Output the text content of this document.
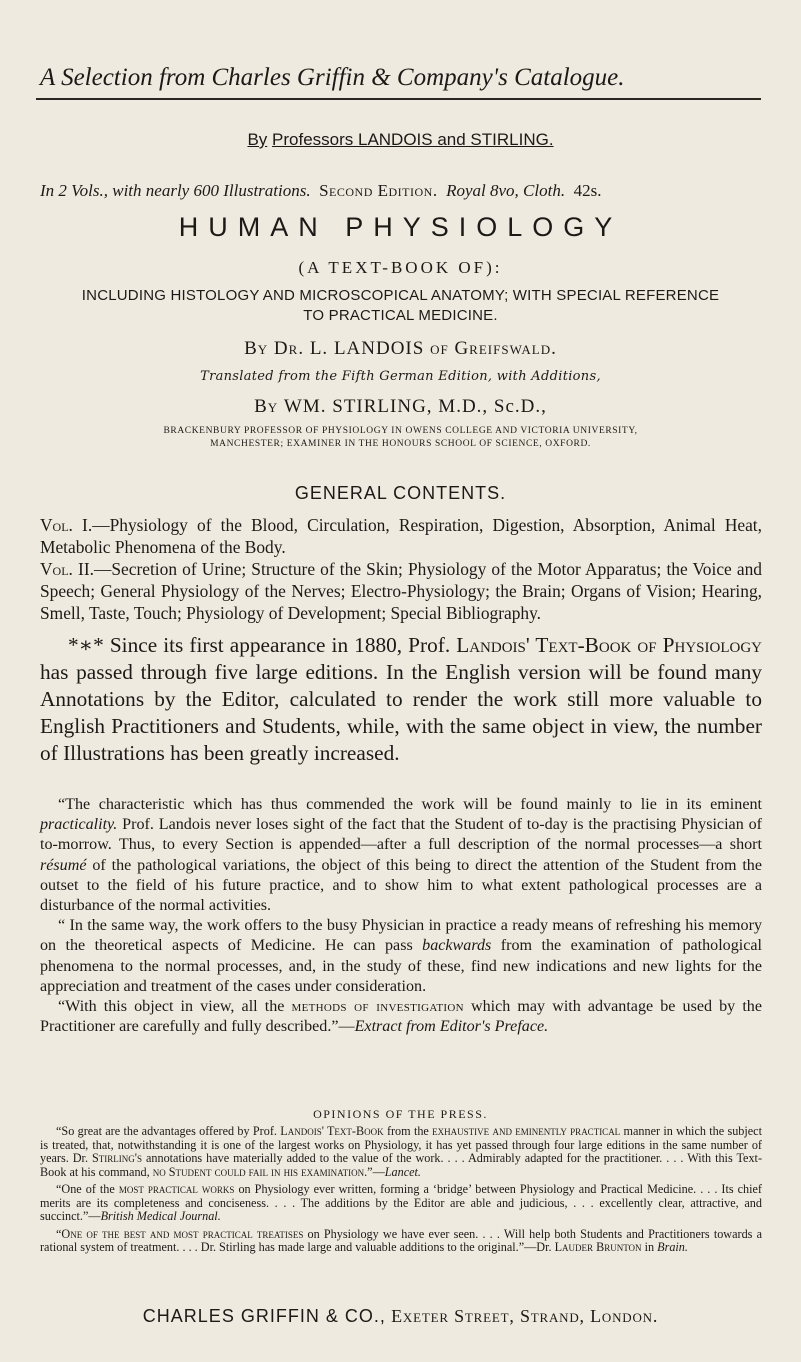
A Selection from Charles Griffin & Company's Catalogue.
By Professors LANDOIS and STIRLING.
In 2 Vols., with nearly 600 Illustrations. Second Edition. Royal 8vo, Cloth. 42s.
HUMAN PHYSIOLOGY
(A TEXT-BOOK OF):
INCLUDING HISTOLOGY AND MICROSCOPICAL ANATOMY; WITH SPECIAL REFERENCE
TO PRACTICAL MEDICINE.
By Dr. L. LANDOIS of Greifswald.
Translated from the Fifth German Edition, with Additions,
By WM. STIRLING, M.D., Sc.D.,
BRACKENBURY PROFESSOR OF PHYSIOLOGY IN OWENS COLLEGE AND VICTORIA UNIVERSITY,
MANCHESTER; EXAMINER IN THE HONOURS SCHOOL OF SCIENCE, OXFORD.
GENERAL CONTENTS.

Vol. I.—Physiology of the Blood, Circulation, Respiration, Digestion, Absorption, Animal Heat, Metabolic Phenomena of the Body.

Vol. II.—Secretion of Urine; Structure of the Skin; Physiology of the Motor Apparatus; the Voice and Speech; General Physiology of the Nerves; Electro-Physiology; the Brain; Organs of Vision; Hearing, Smell, Taste, Touch; Physiology of Development; Special Bibliography.

*∗* Since its first appearance in 1880, Prof. Landois' Text-Book of Physiology has passed through five large editions. In the English version will be found many Annotations by the Editor, calculated to render the work still more valuable to English Practitioners and Students, while, with the same object in view, the number of Illustrations has been greatly increased.

“The characteristic which has thus commended the work will be found mainly to lie in its eminent practicality. Prof. Landois never loses sight of the fact that the Student of to-day is the practising Physician of to-morrow. Thus, to every Section is appended—after a full description of the normal processes—a short résumé of the pathological variations, the object of this being to direct the attention of the Student from the outset to the field of his future practice, and to show him to what extent pathological processes are a disturbance of the normal activities.

“ In the same way, the work offers to the busy Physician in practice a ready means of refreshing his memory on the theoretical aspects of Medicine. He can pass backwards from the examination of pathological phenomena to the normal processes, and, in the study of these, find new indications and new lights for the appreciation and treatment of the cases under consideration.

“With this object in view, all the methods of investigation which may with advantage be used by the Practitioner are carefully and fully described.”—Extract from Editor's Preface.

OPINIONS OF THE PRESS.

“So great are the advantages offered by Prof. Landois' Text-Book from the exhaustive and eminently practical manner in which the subject is treated, that, notwithstanding it is one of the largest works on Physiology, it has yet passed through four large editions in the same number of years. Dr. Stirling's annotations have materially added to the value of the work. . . . Admirably adapted for the practitioner. . . . With this Text-Book at his command, no Student could fail in his examination.”—Lancet.

“One of the most practical works on Physiology ever written, forming a ‘bridge’ between Physiology and Practical Medicine. . . . Its chief merits are its completeness and conciseness. . . . The additions by the Editor are able and judicious, . . . excellently clear, attractive, and succinct.”—British Medical Journal.

“One of the best and most practical treatises on Physiology we have ever seen. . . . Will help both Students and Practitioners towards a rational system of treatment. . . . Dr. Stirling has made large and valuable additions to the original.”—Dr. Lauder Brunton in Brain.

CHARLES GRIFFIN & CO., Exeter Street, Strand, London.
